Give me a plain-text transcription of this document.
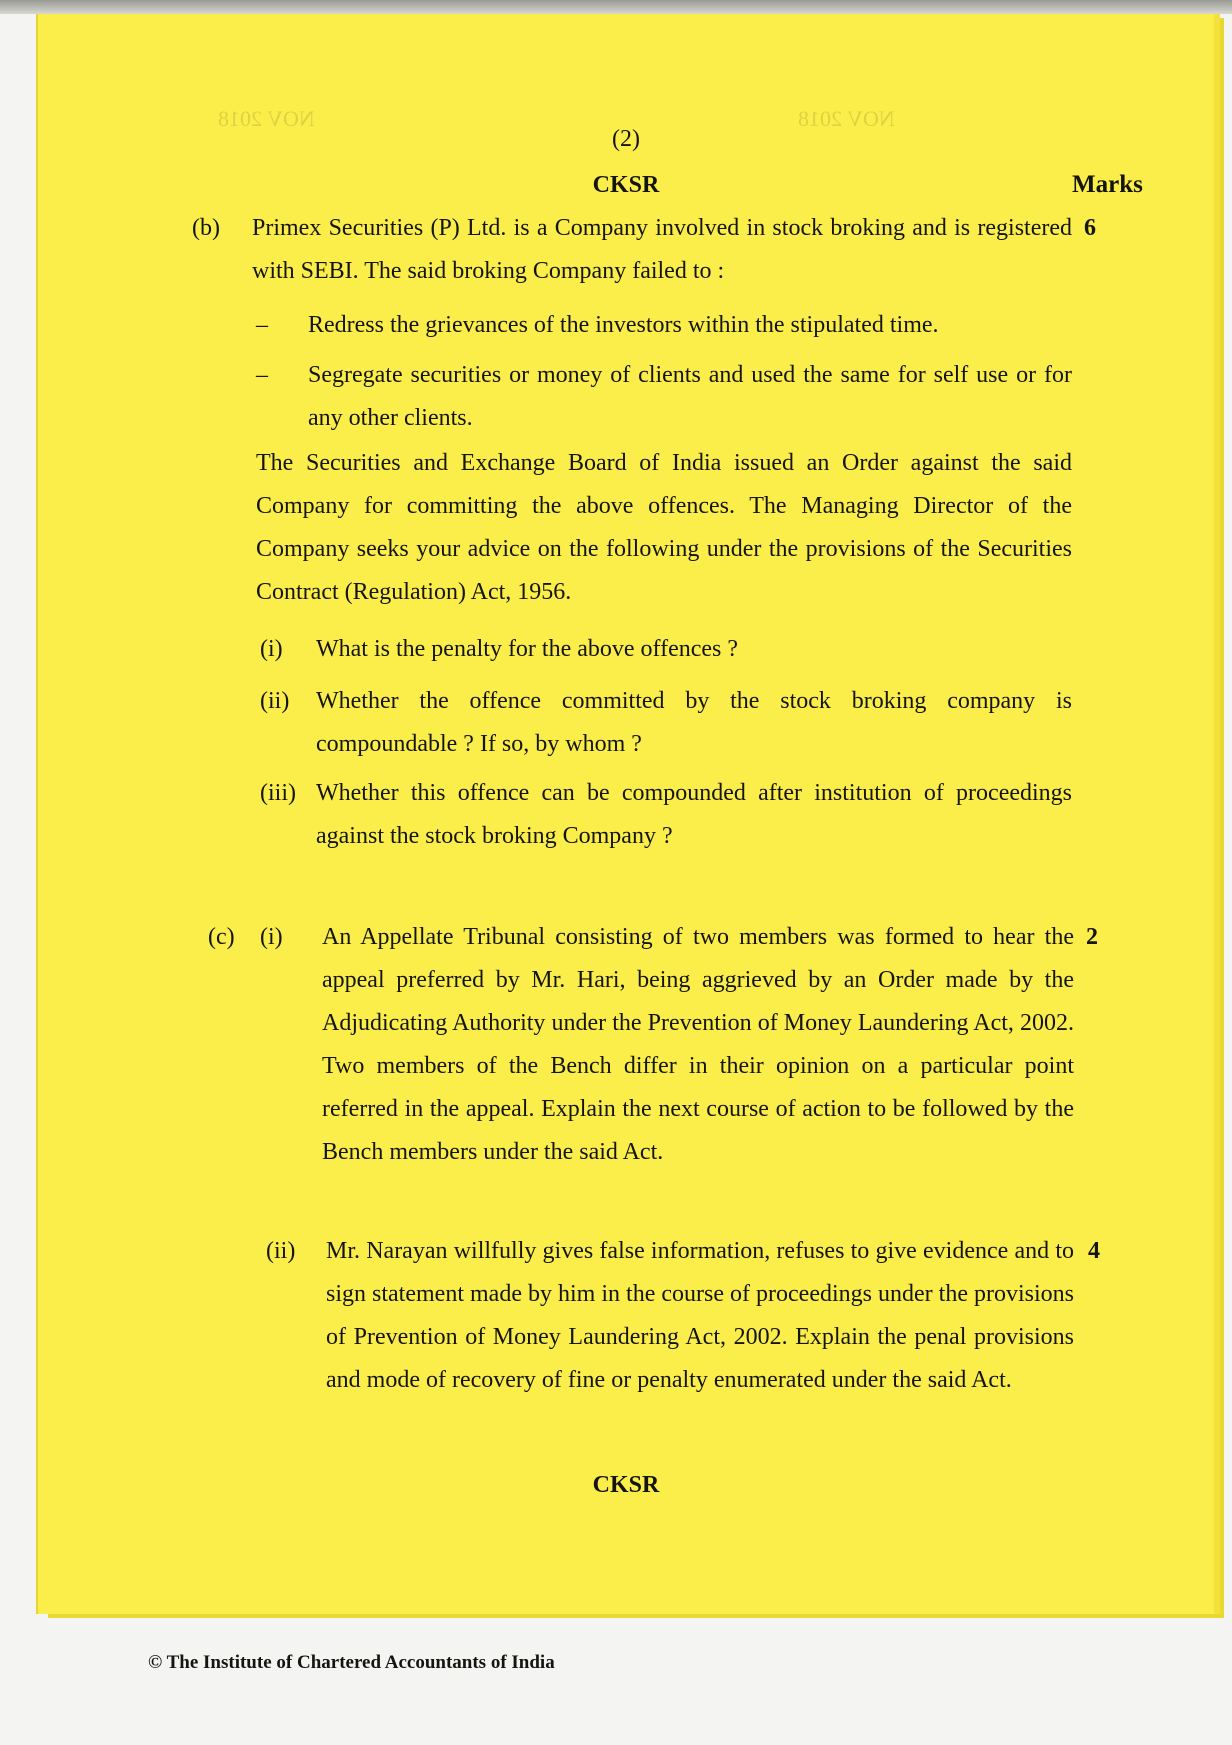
NOV 2018
NOV 2018
(2)
CKSR	Marks
(b) Primex Securities (P) Ltd. is a Company involved in stock broking and is registered with SEBI. The said broking Company failed to :
6
– Redress the grievances of the investors within the stipulated time.
– Segregate securities or money of clients and used the same for self use or for any other clients.
The Securities and Exchange Board of India issued an Order against the said Company for committing the above offences. The Managing Director of the Company seeks your advice on the following under the provisions of the Securities Contract (Regulation) Act, 1956.
(i) What is the penalty for the above offences ?
(ii) Whether the offence committed by the stock broking company is compoundable ? If so, by whom ?
(iii) Whether this offence can be compounded after institution of proceedings against the stock broking Company ?
(c) (i) An Appellate Tribunal consisting of two members was formed to hear the appeal preferred by Mr. Hari, being aggrieved by an Order made by the Adjudicating Authority under the Prevention of Money Laundering Act, 2002. Two members of the Bench differ in their opinion on a particular point referred in the appeal. Explain the next course of action to be followed by the Bench members under the said Act.
2
(ii) Mr. Narayan willfully gives false information, refuses to give evidence and to sign statement made by him in the course of proceedings under the provisions of Prevention of Money Laundering Act, 2002. Explain the penal provisions and mode of recovery of fine or penalty enumerated under the said Act.
4
CKSR
© The Institute of Chartered Accountants of India
